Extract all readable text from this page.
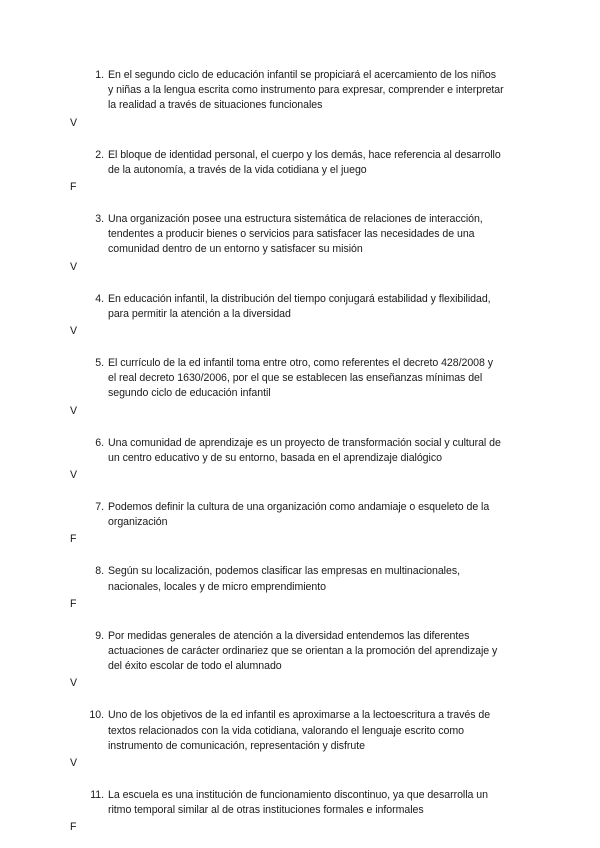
1. En el segundo ciclo de educación infantil se propiciará el acercamiento de los niños
y niñas a la lengua escrita como instrumento para expresar, comprender e interpretar
la realidad a través de situaciones funcionales
V
2. El bloque de identidad personal, el cuerpo y los demás, hace referencia al desarrollo
de la autonomía, a través de la vida cotidiana y el juego
F
3. Una organización posee una estructura sistemática de relaciones de interacción,
tendentes a producir bienes o servicios para satisfacer las necesidades de una
comunidad dentro de un entorno y satisfacer su misión
V
4. En educación infantil, la distribución del tiempo conjugará estabilidad y flexibilidad,
para permitir la atención a la diversidad
V
5. El currículo de la ed infantil toma entre otro, como referentes el decreto 428/2008 y
el real decreto 1630/2006, por el que se establecen las enseñanzas mínimas del
segundo ciclo de educación infantil
V
6. Una comunidad de aprendizaje es un proyecto de transformación social y cultural de
un centro educativo y de su entorno, basada en el aprendizaje dialógico
V
7. Podemos definir la cultura de una organización como andamiaje o esqueleto de la
organización
F
8. Según su localización, podemos clasificar las empresas en multinacionales,
nacionales, locales y de micro emprendimiento
F
9. Por medidas generales de atención a la diversidad entendemos las diferentes
actuaciones de carácter ordinariez que se orientan a la promoción del aprendizaje y
del éxito escolar de todo el alumnado
V
10. Uno de los objetivos de la ed infantil es aproximarse a la lectoescritura a través de
textos relacionados con la vida cotidiana, valorando el lenguaje escrito como
instrumento de comunicación, representación y disfrute
V
11. La escuela es una institución de funcionamiento discontinuo, ya que desarrolla un
ritmo temporal similar al de otras instituciones formales e informales
F
